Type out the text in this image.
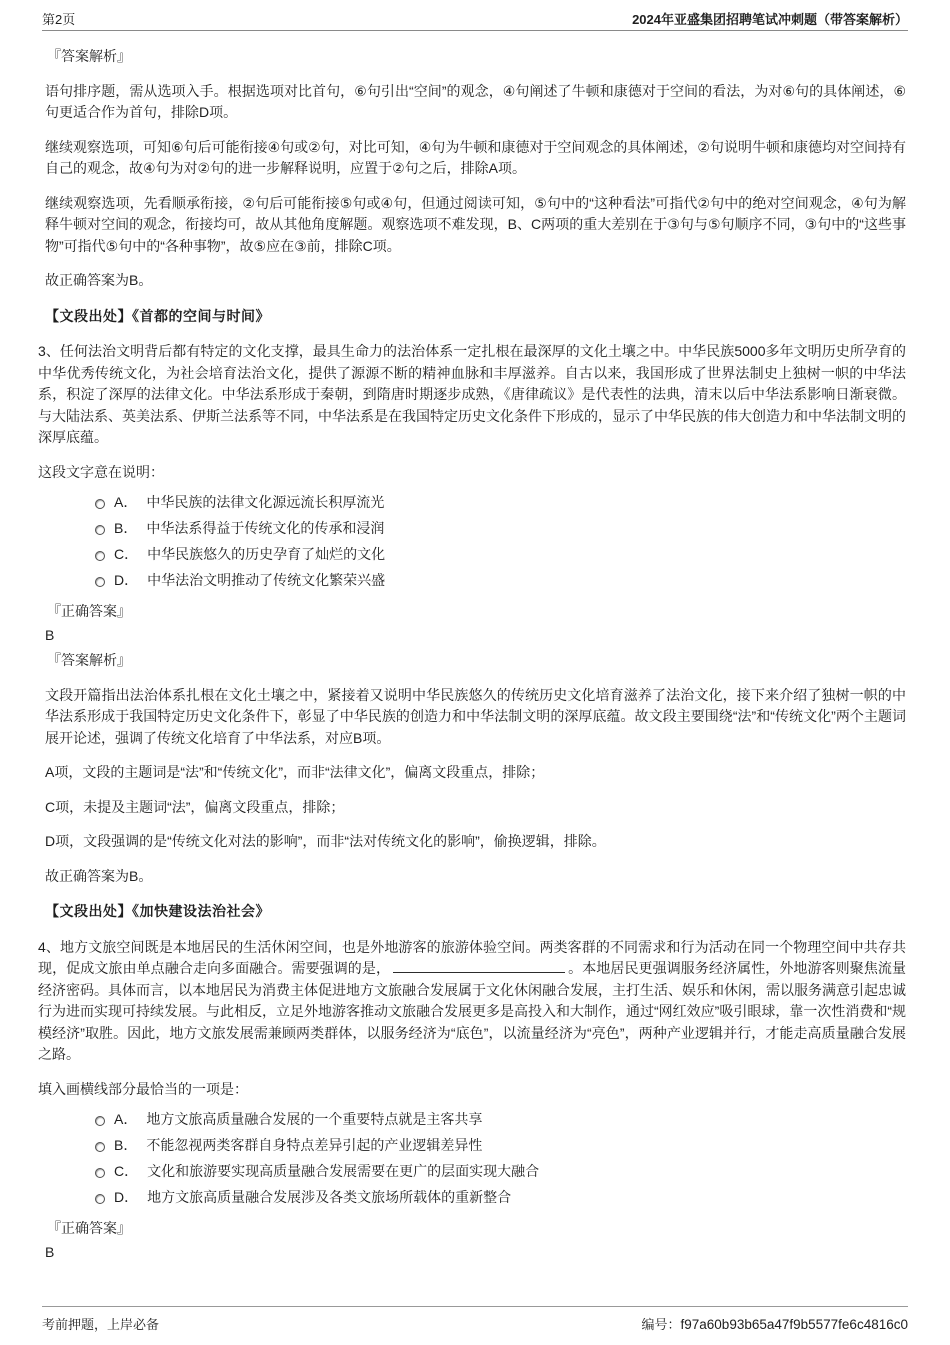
第2页	2024年亚盛集团招聘笔试冲刺题（带答案解析）
『答案解析』

语句排序题，需从选项入手。根据选项对比首句，⑥句引出“空间”的观念，④句阐述了牛顿和康德对于空间的看法，为对⑥句的具体阐述，⑥句更适合作为首句，排除D项。

继续观察选项，可知⑥句后可能衔接④句或②句，对比可知，④句为牛顿和康德对于空间观念的具体阐述，②句说明牛顿和康德均对空间持有自己的观念，故④句为对②句的进一步解释说明，应置于②句之后，排除A项。

继续观察选项，先看顺承衔接，②句后可能衔接⑤句或④句，但通过阅读可知，⑤句中的“这种看法”可指代②句中的绝对空间观念，④句为解释牛顿对空间的观念，衔接均可，故从其他角度解题。观察选项不难发现，B、C两项的重大差别在于③句与⑤句顺序不同，③句中的“这些事物”可指代⑤句中的“各种事物”，故⑤应在③前，排除C项。

故正确答案为B。

【文段出处】《首都的空间与时间》

3、任何法治文明背后都有特定的文化支撑，最具生命力的法治体系一定扎根在最深厚的文化土壤之中。中华民族5000多年文明历史所孕育的中华优秀传统文化，为社会培育法治文化，提供了源源不断的精神血脉和丰厚滋养。自古以来，我国形成了世界法制史上独树一帜的中华法系，积淀了深厚的法律文化。中华法系形成于秦朝，到隋唐时期逐步成熟，《唐律疏议》是代表性的法典，清末以后中华法系影响日渐衰微。与大陆法系、英美法系、伊斯兰法系等不同，中华法系是在我国特定历史文化条件下形成的，显示了中华民族的伟大创造力和中华法制文明的深厚底蕴。

这段文字意在说明：

A． 中华民族的法律文化源远流长积厚流光
B． 中华法系得益于传统文化的传承和浸润
C． 中华民族悠久的历史孕育了灿烂的文化
D． 中华法治文明推动了传统文化繁荣兴盛
『正确答案』
B
『答案解析』

文段开篇指出法治体系扎根在文化土壤之中，紧接着又说明中华民族悠久的传统历史文化培育滋养了法治文化，接下来介绍了独树一帜的中华法系形成于我国特定历史文化条件下，彰显了中华民族的创造力和中华法制文明的深厚底蕴。故文段主要围绕“法”和“传统文化”两个主题词展开论述，强调了传统文化培育了中华法系，对应B项。

A项，文段的主题词是“法”和“传统文化”，而非“法律文化”，偏离文段重点，排除；

C项，未提及主题词“法”，偏离文段重点，排除；

D项，文段强调的是“传统文化对法的影响”，而非“法对传统文化的影响”，偷换逻辑，排除。

故正确答案为B。

【文段出处】《加快建设法治社会》

4、地方文旅空间既是本地居民的生活休闲空间，也是外地游客的旅游体验空间。两类客群的不同需求和行为活动在同一个物理空间中共存共现，促成文旅由单点融合走向多面融合。需要强调的是，	。本地居民更强调服务经济属性，外地游客则聚焦流量经济密码。具体而言，以本地居民为消费主体促进地方文旅融合发展属于文化休闲融合发展，主打生活、娱乐和休闲，需以服务满意引起忠诚行为进而实现可持续发展。与此相反，立足外地游客推动文旅融合发展更多是高投入和大制作，通过“网红效应”吸引眼球，靠一次性消费和“规模经济”取胜。因此，地方文旅发展需兼顾两类群体，以服务经济为“底色”，以流量经济为“亮色”，两种产业逻辑并行，才能走高质量融合发展之路。

填入画横线部分最恰当的一项是：

A． 地方文旅高质量融合发展的一个重要特点就是主客共享
B． 不能忽视两类客群自身特点差异引起的产业逻辑差异性
C． 文化和旅游要实现高质量融合发展需要在更广的层面实现大融合
D． 地方文旅高质量融合发展涉及各类文旅场所载体的重新整合
『正确答案』
B
考前押题，上岸必备	编号：f97a60b93b65a47f9b5577fe6c4816c0
